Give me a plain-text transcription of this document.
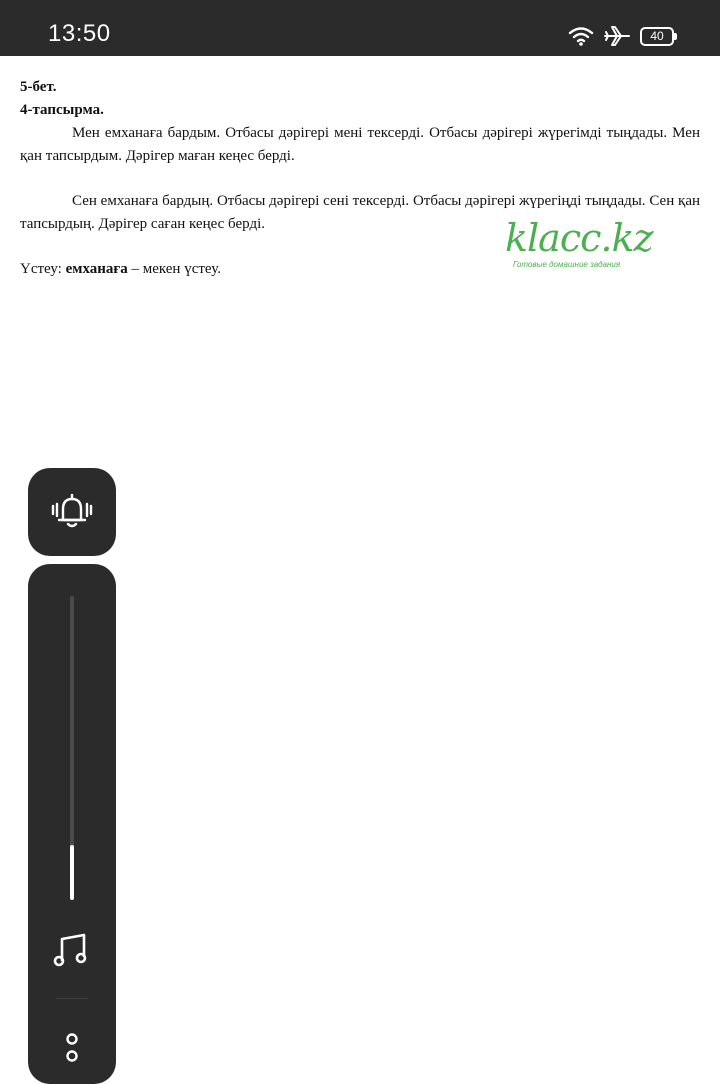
13:50	40
5-бет.
4-тапсырма.

Мен емханаға бардым. Отбасы дәрігері мені тексерді. Отбасы дәрігері жүрегімді тыңдады. Мен қан тапсырдым. Дәрігер маған кеңес берді.

Сен емханаға бардың. Отбасы дәрігері сені тексерді. Отбасы дәрігері жүрегіңді тыңдады. Сен қан тапсырдың. Дәрігер саған кеңес берді.

Үстеу: емханаға – мекен үстеу.
klacc.kz
Готовые домашние задания
